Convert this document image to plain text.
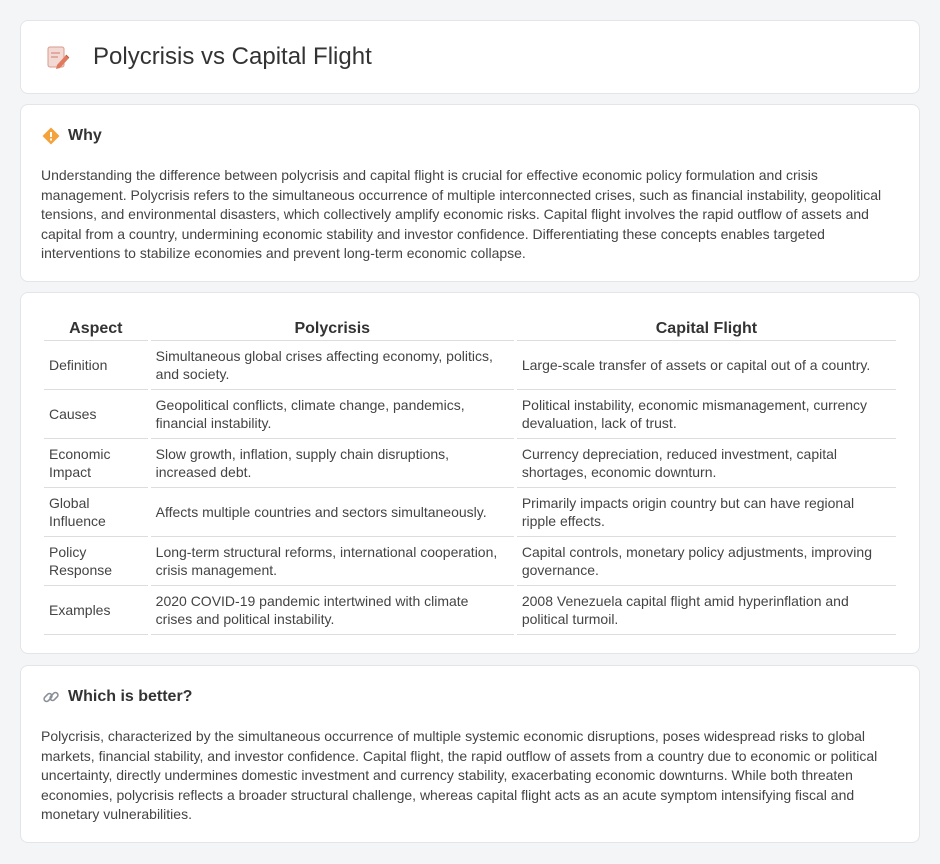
Polycrisis vs Capital Flight
Why

Understanding the difference between polycrisis and capital flight is crucial for effective economic policy formulation and crisis management. Polycrisis refers to the simultaneous occurrence of multiple interconnected crises, such as financial instability, geopolitical tensions, and environmental disasters, which collectively amplify economic risks. Capital flight involves the rapid outflow of assets and capital from a country, undermining economic stability and investor confidence. Differentiating these concepts enables targeted interventions to stabilize economies and prevent long-term economic collapse.

Aspect	Polycrisis	Capital Flight
Definition	Simultaneous global crises affecting economy, politics, and society.	Large-scale transfer of assets or capital out of a country.
Causes	Geopolitical conflicts, climate change, pandemics, financial instability.	Political instability, economic mismanagement, currency devaluation, lack of trust.
Economic Impact	Slow growth, inflation, supply chain disruptions, increased debt.	Currency depreciation, reduced investment, capital shortages, economic downturn.
Global Influence	Affects multiple countries and sectors simultaneously.	Primarily impacts origin country but can have regional ripple effects.
Policy Response	Long-term structural reforms, international cooperation, crisis management.	Capital controls, monetary policy adjustments, improving governance.
Examples	2020 COVID-19 pandemic intertwined with climate crises and political instability.	2008 Venezuela capital flight amid hyperinflation and political turmoil.
Which is better?

Polycrisis, characterized by the simultaneous occurrence of multiple systemic economic disruptions, poses widespread risks to global markets, financial stability, and investor confidence. Capital flight, the rapid outflow of assets from a country due to economic or political uncertainty, directly undermines domestic investment and currency stability, exacerbating economic downturns. While both threaten economies, polycrisis reflects a broader structural challenge, whereas capital flight acts as an acute symptom intensifying fiscal and monetary vulnerabilities.
